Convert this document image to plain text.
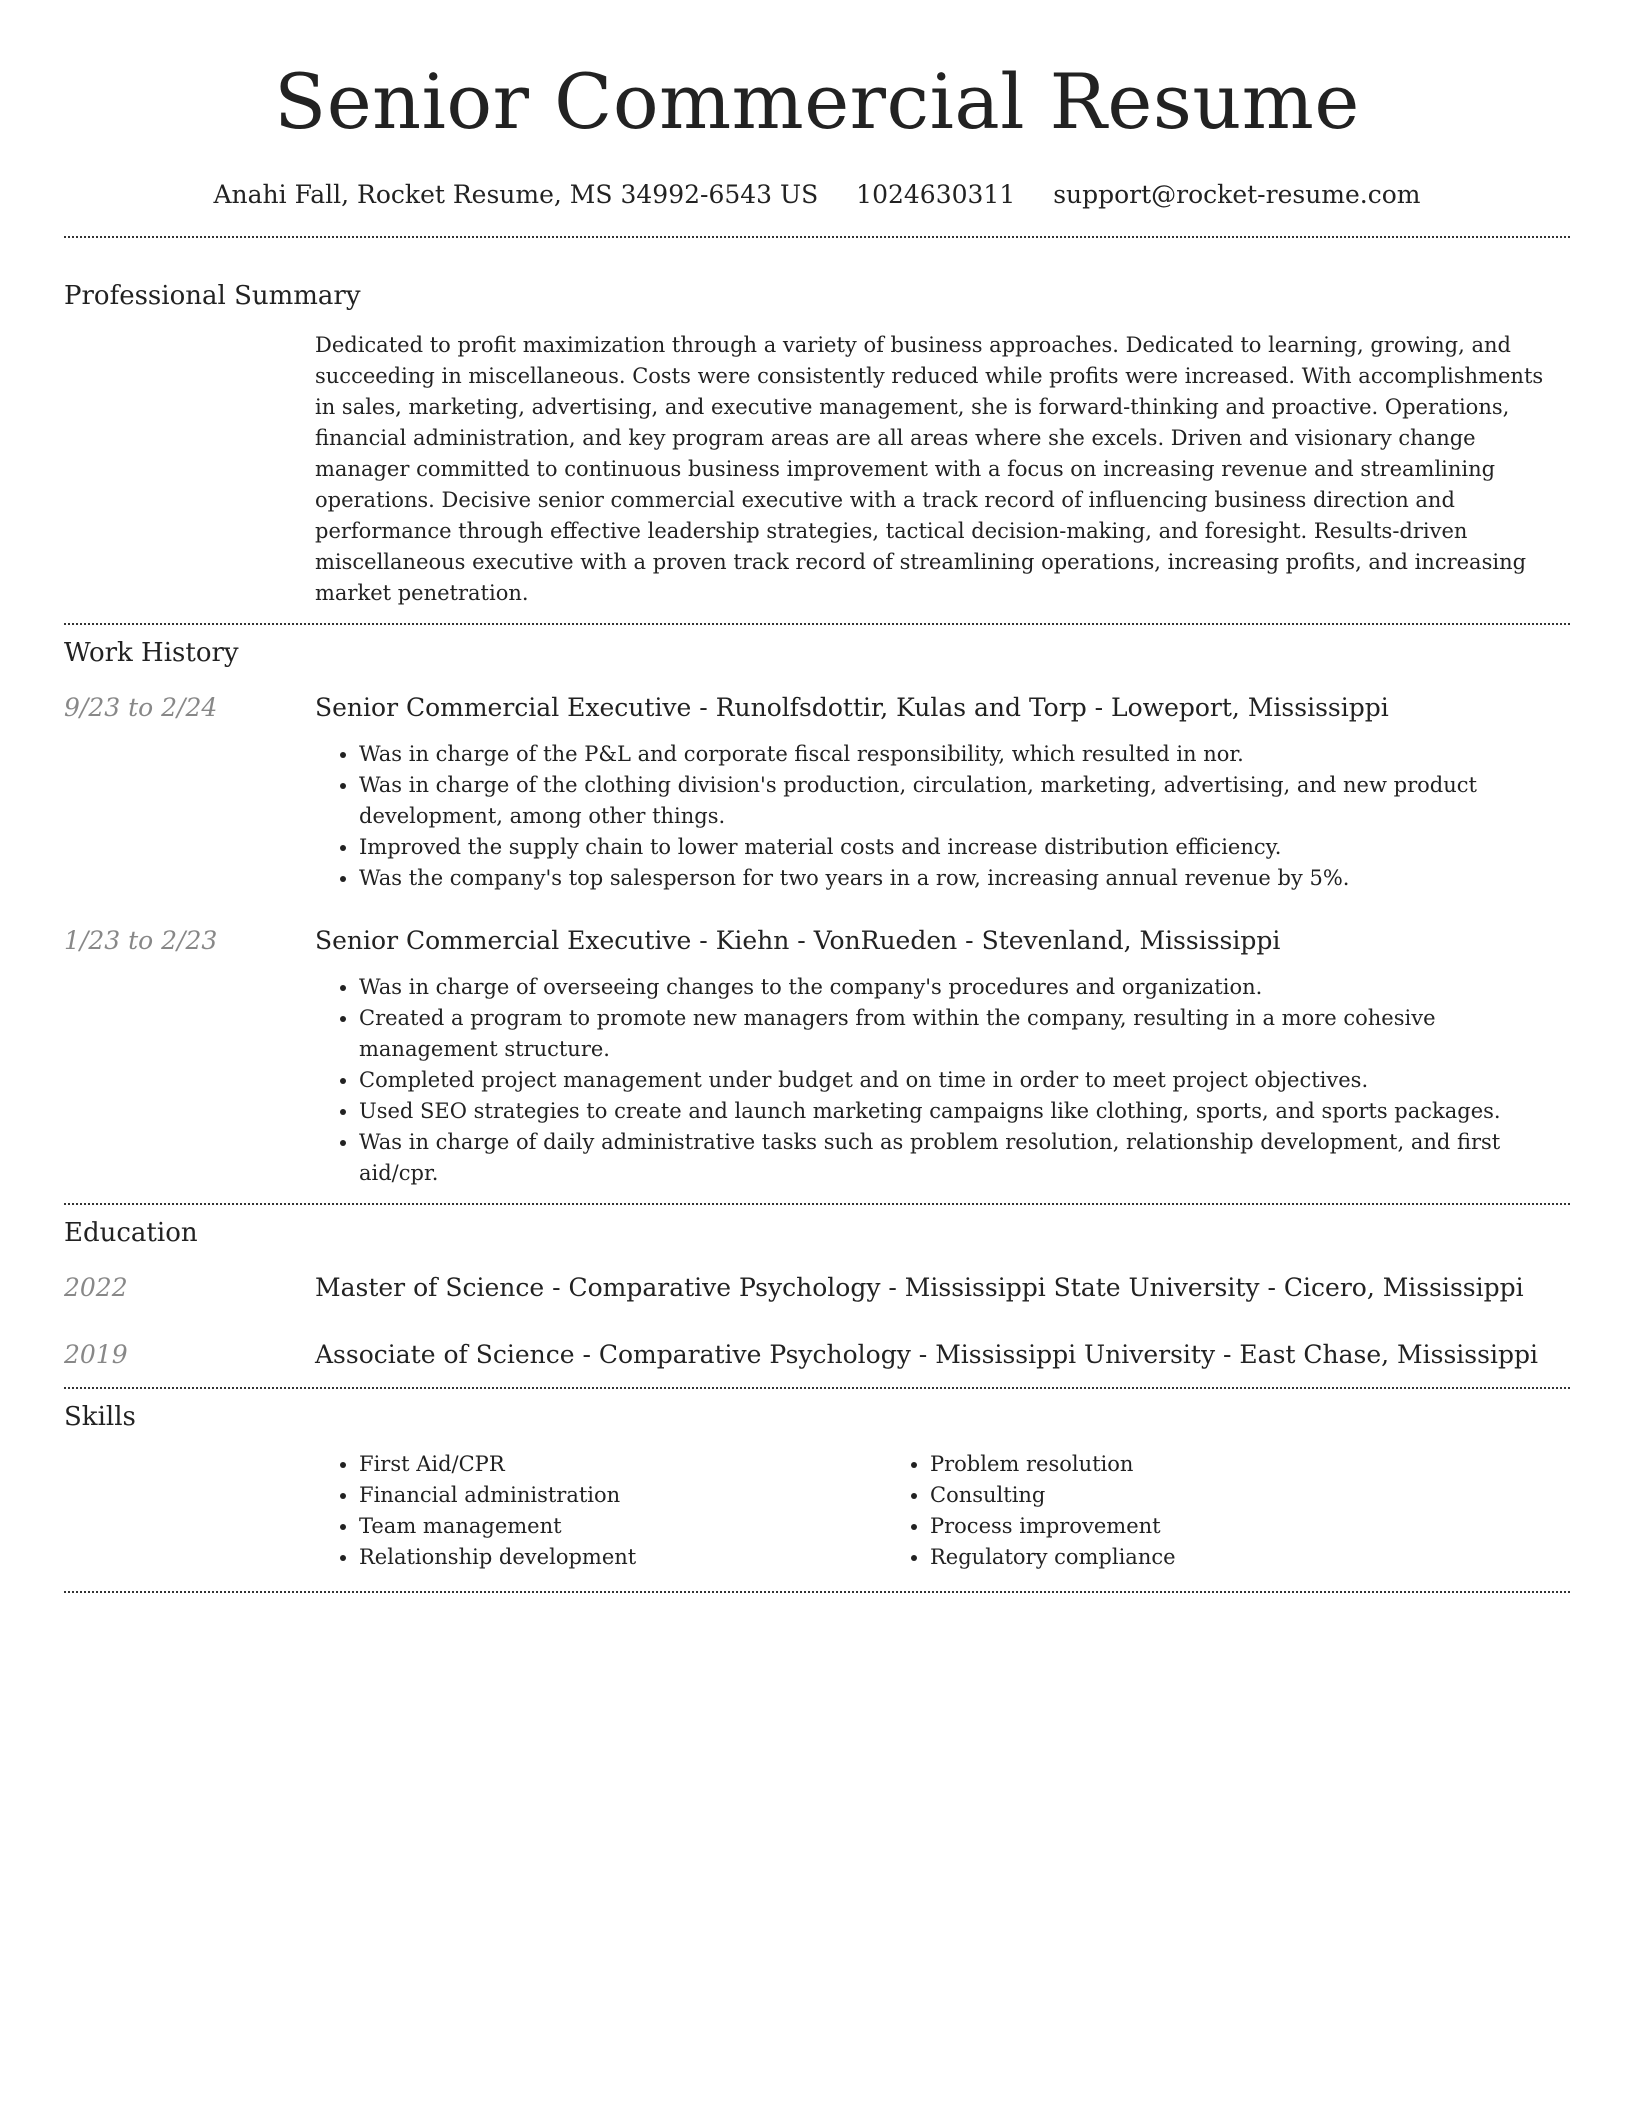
Senior Commercial Resume
Anahi Fall, Rocket Resume, MS 34992-6543 US 1024630311 support@rocket-resume.com
Professional Summary
Dedicated to profit maximization through a variety of business approaches. Dedicated to learning, growing, and succeeding in miscellaneous. Costs were consistently reduced while profits were increased. With accomplishments in sales, marketing, advertising, and executive management, she is forward-thinking and proactive. Operations, financial administration, and key program areas are all areas where she excels. Driven and visionary change manager committed to continuous business improvement with a focus on increasing revenue and streamlining operations. Decisive senior commercial executive with a track record of influencing business direction and performance through effective leadership strategies, tactical decision-making, and foresight. Results-driven miscellaneous executive with a proven track record of streamlining operations, increasing profits, and increasing market penetration.
Work History
9/23 to 2/24	Senior Commercial Executive - Runolfsdottir, Kulas and Torp - Loweport, Mississippi
• Was in charge of the P&L and corporate fiscal responsibility, which resulted in nor.
• Was in charge of the clothing division's production, circulation, marketing, advertising, and new product development, among other things.
• Improved the supply chain to lower material costs and increase distribution efficiency.
• Was the company's top salesperson for two years in a row, increasing annual revenue by 5%.
1/23 to 2/23	Senior Commercial Executive - Kiehn - VonRueden - Stevenland, Mississippi
• Was in charge of overseeing changes to the company's procedures and organization.
• Created a program to promote new managers from within the company, resulting in a more cohesive management structure.
• Completed project management under budget and on time in order to meet project objectives.
• Used SEO strategies to create and launch marketing campaigns like clothing, sports, and sports packages.
• Was in charge of daily administrative tasks such as problem resolution, relationship development, and first aid/cpr.
Education
2022	Master of Science - Comparative Psychology - Mississippi State University - Cicero, Mississippi
2019	Associate of Science - Comparative Psychology - Mississippi University - East Chase, Mississippi
Skills
• First Aid/CPR
• Financial administration
• Team management
• Relationship development
• Problem resolution
• Consulting
• Process improvement
• Regulatory compliance
